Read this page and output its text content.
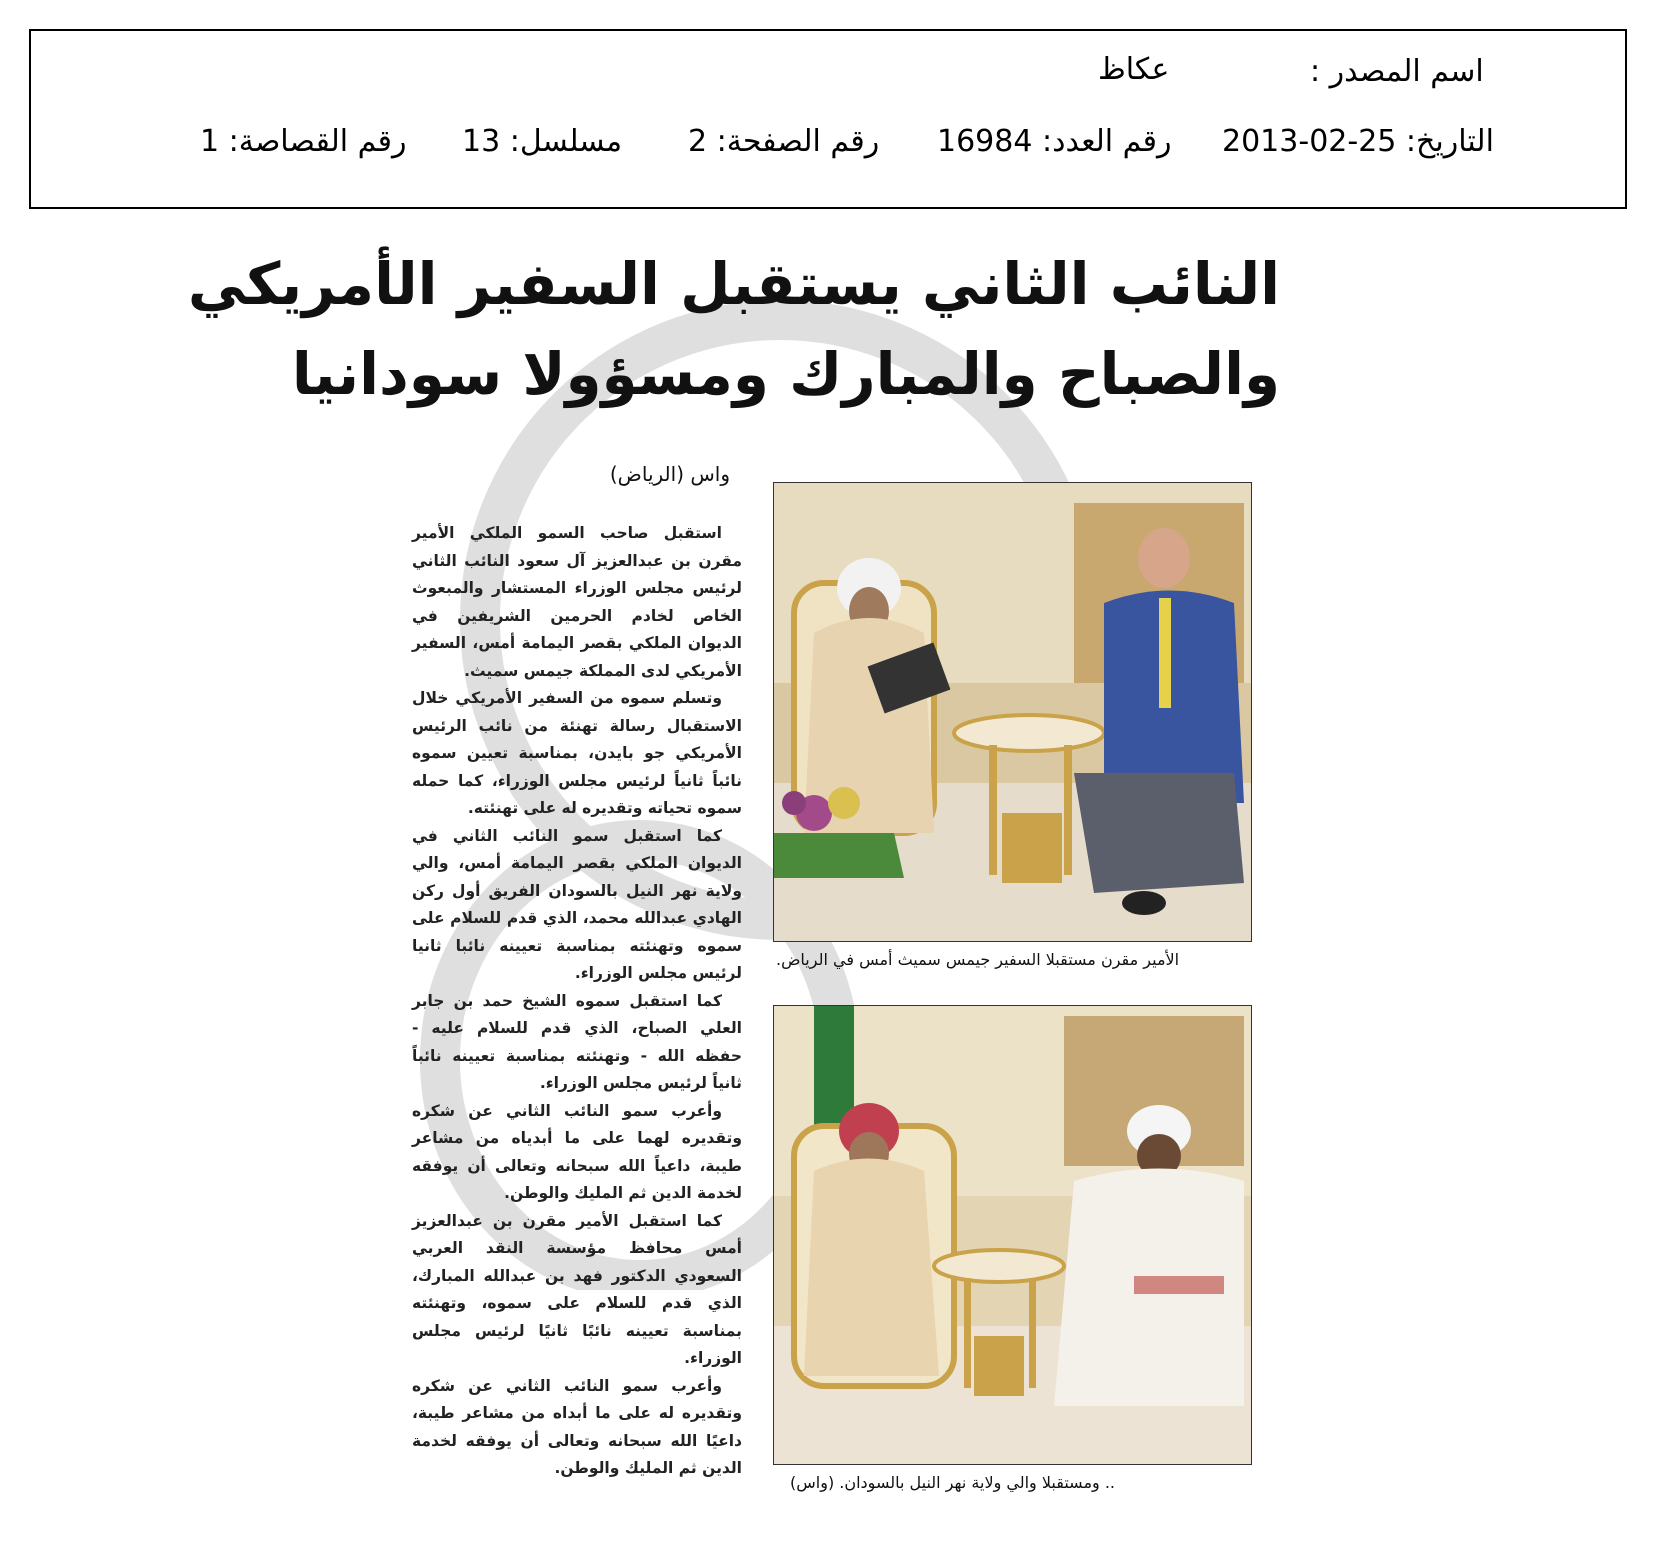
اسم المصدر :
عكاظ
التاريخ: 25-02-2013
رقم العدد: 16984
رقم الصفحة: 2
مسلسل: 13
رقم القصاصة: 1
النائب الثاني يستقبل السفير الأمريكي
والصباح والمبارك ومسؤولا سودانيا
واس (الرياض)

استقبل صاحب السمو الملكي الأمير مقرن بن عبدالعزيز آل سعود النائب الثاني لرئيس مجلس الوزراء المستشار والمبعوث الخاص لخادم الحرمين الشريفين في الديوان الملكي بقصر اليمامة أمس، السفير الأمريكي لدى المملكة جيمس سميث.

وتسلم سموه من السفير الأمريكي خلال الاستقبال رسالة تهنئة من نائب الرئيس الأمريكي جو بايدن، بمناسبة تعيين سموه نائباً ثانياً لرئيس مجلس الوزراء، كما حمله سموه تحياته وتقديره له على تهنئته.

كما استقبل سمو النائب الثاني في الديوان الملكي بقصر اليمامة أمس، والي ولاية نهر النيل بالسودان الفريق أول ركن الهادي عبدالله محمد، الذي قدم للسلام على سموه وتهنئته بمناسبة تعيينه نائبا ثانيا لرئيس مجلس الوزراء.

كما استقبل سموه الشيخ حمد بن جابر العلي الصباح، الذي قدم للسلام عليه - حفظه الله - وتهنئته بمناسبة تعيينه نائباً ثانياً لرئيس مجلس الوزراء.

وأعرب سمو النائب الثاني عن شكره وتقديره لهما على ما أبدياه من مشاعر طيبة، داعياً الله سبحانه وتعالى أن يوفقه لخدمة الدين ثم المليك والوطن.

كما استقبل الأمير مقرن بن عبدالعزيز أمس محافظ مؤسسة النقد العربي السعودي الدكتور فهد بن عبدالله المبارك، الذي قدم للسلام على سموه، وتهنئته بمناسبة تعيينه نائبًا ثانيًا لرئيس مجلس الوزراء.

وأعرب سمو النائب الثاني عن شكره وتقديره له على ما أبداه من مشاعر طيبة، داعيًا الله سبحانه وتعالى أن يوفقه لخدمة الدين ثم المليك والوطن.

الأمير مقرن مستقبلا السفير جيمس سميث أمس في الرياض.
.. ومستقبلا والي ولاية نهر النيل بالسودان. (واس)
